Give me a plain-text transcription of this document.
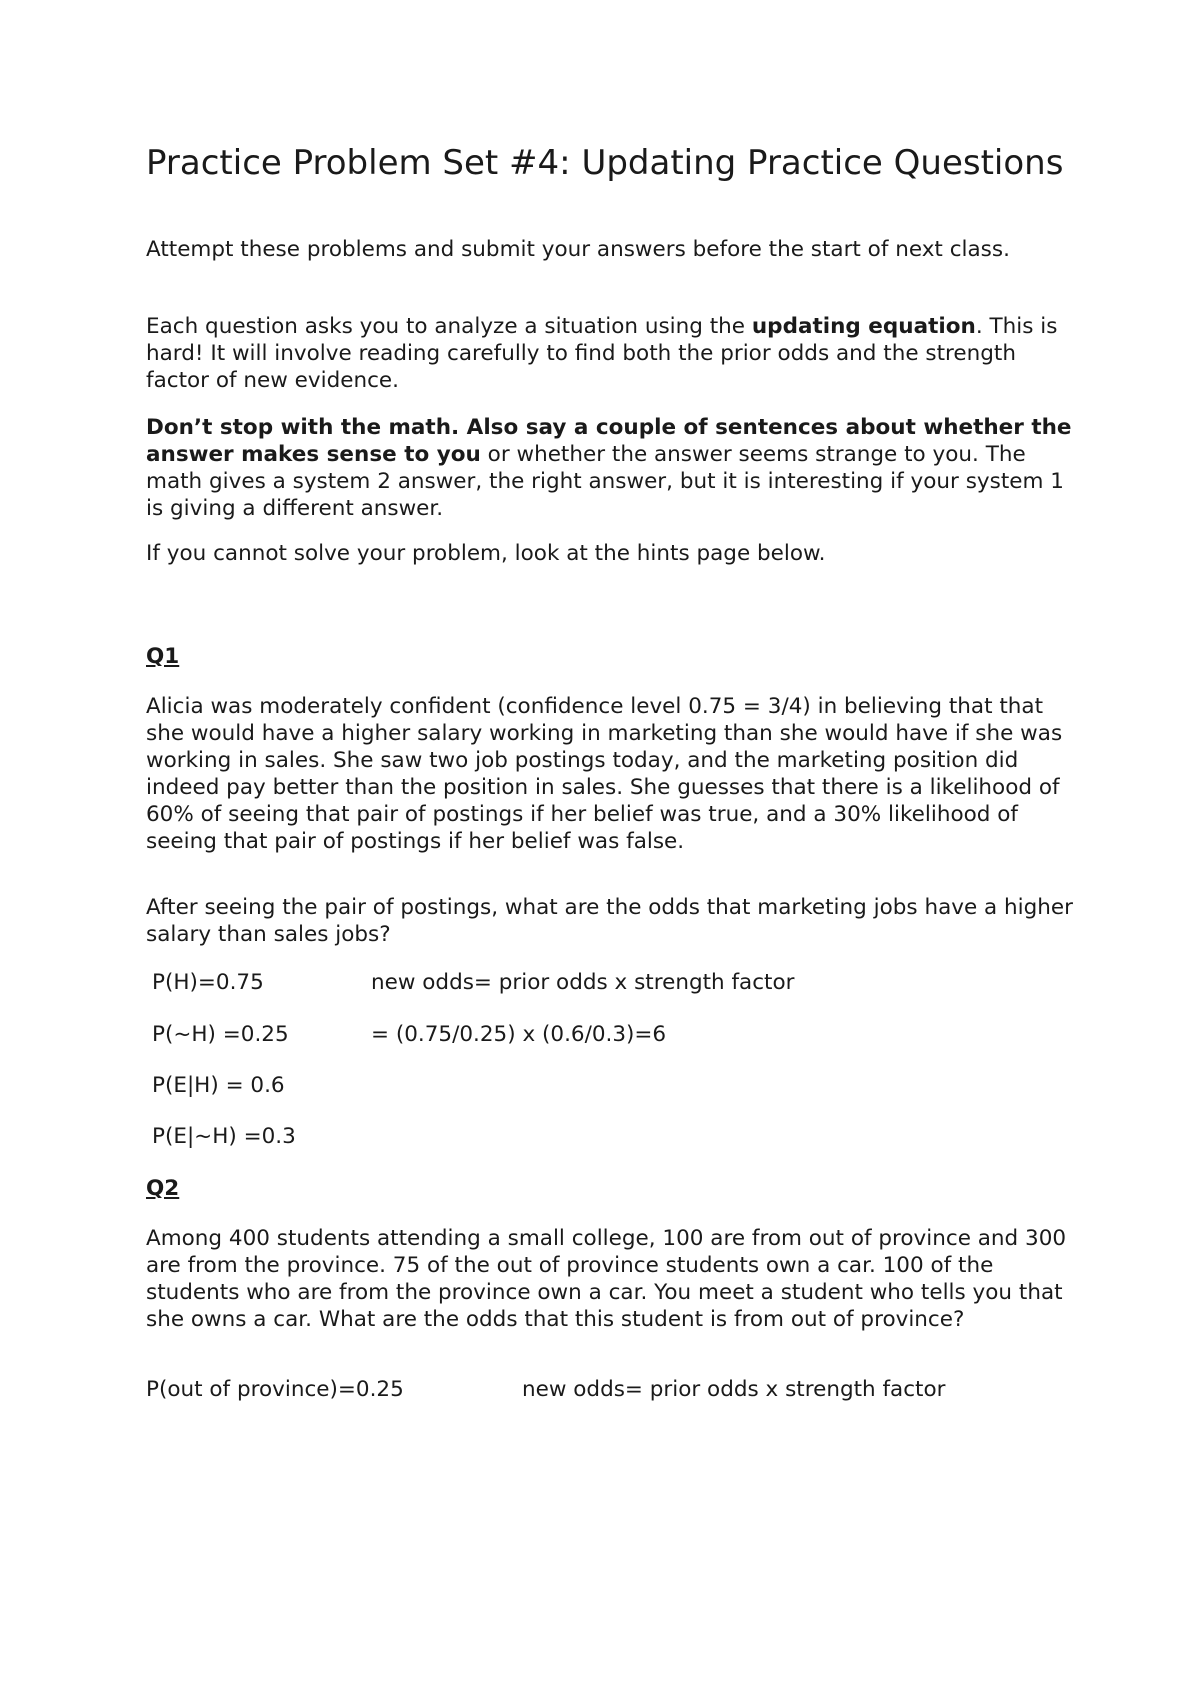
Practice Problem Set #4: Updating Practice Questions

Attempt these problems and submit your answers before the start of next class.

Each question asks you to analyze a situation using the updating equation. This is hard! It will involve reading carefully to find both the prior odds and the strength factor of new evidence.

Don’t stop with the math. Also say a couple of sentences about whether the answer makes sense to you or whether the answer seems strange to you. The math gives a system 2 answer, the right answer, but it is interesting if your system 1 is giving a different answer.

If you cannot solve your problem, look at the hints page below.

Q1

Alicia was moderately confident (confidence level 0.75 = 3/4) in believing that that she would have a higher salary working in marketing than she would have if she was working in sales. She saw two job postings today, and the marketing position did indeed pay better than the position in sales. She guesses that there is a likelihood of 60% of seeing that pair of postings if her belief was true, and a 30% likelihood of seeing that pair of postings if her belief was false.

After seeing the pair of postings, what are the odds that marketing jobs have a higher salary than sales jobs?

P(H)=0.75	new odds= prior odds x strength factor
P(~H) =0.25	= (0.75/0.25) x (0.6/0.3)=6
P(E|H) = 0.6
P(E|~H) =0.3

Q2

Among 400 students attending a small college, 100 are from out of province and 300 are from the province. 75 of the out of province students own a car. 100 of the students who are from the province own a car. You meet a student who tells you that she owns a car. What are the odds that this student is from out of province?

P(out of province)=0.25	new odds= prior odds x strength factor
